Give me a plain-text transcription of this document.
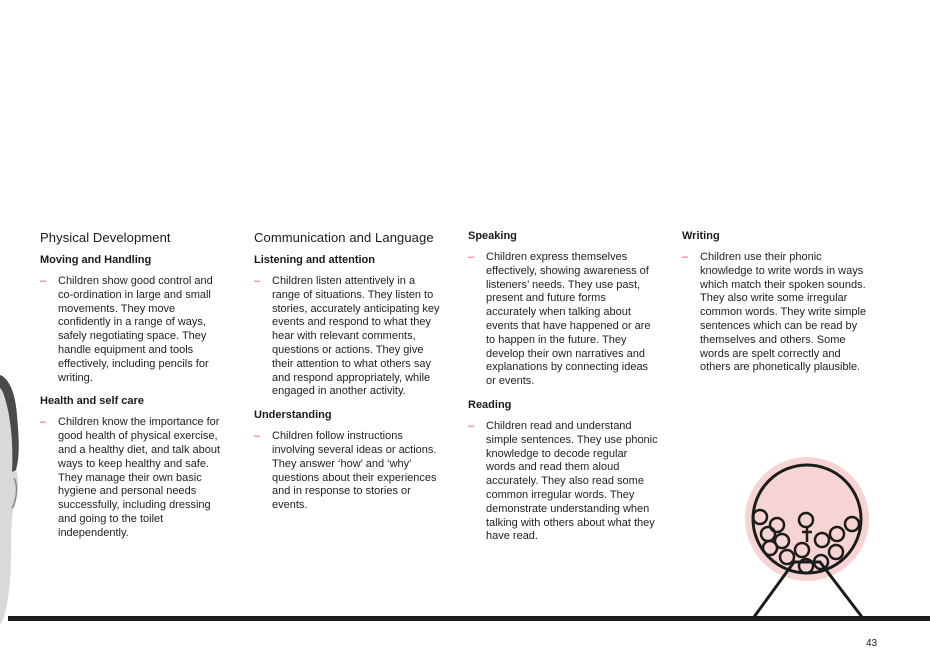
Physical Development
Moving and Handling
– Children show good control and co-ordination in large and small movements. They move confidently in a range of ways, safely negotiating space. They handle equipment and tools effectively, including pencils for writing.
Health and self care
– Children know the importance for good health of physical exercise, and a healthy diet, and talk about ways to keep healthy and safe. They manage their own basic hygiene and personal needs successfully, including dressing and going to the toilet independently.
Communication and Language
Listening and attention
– Children listen attentively in a range of situations. They listen to stories, accurately anticipating key events and respond to what they hear with relevant comments, questions or actions. They give their attention to what others say and respond appropriately, while engaged in another activity.
Understanding
– Children follow instructions involving several ideas or actions. They answer ‘how’ and ‘why’ questions about their experiences and in response to stories or events.
Speaking
– Children express themselves effectively, showing awareness of listeners’ needs. They use past, present and future forms accurately when talking about events that have happened or are to happen in the future. They develop their own narratives and explanations by connecting ideas or events.
Reading
– Children read and understand simple sentences. They use phonic knowledge to decode regular words and read them aloud accurately. They also read some common irregular words. They demonstrate understanding when talking with others about what they have read.
Writing
– Children use their phonic knowledge to write words in ways which match their spoken sounds. They also write some irregular common words. They write simple sentences which can be read by themselves and others. Some words are spelt correctly and others are phonetically plausible.
43
